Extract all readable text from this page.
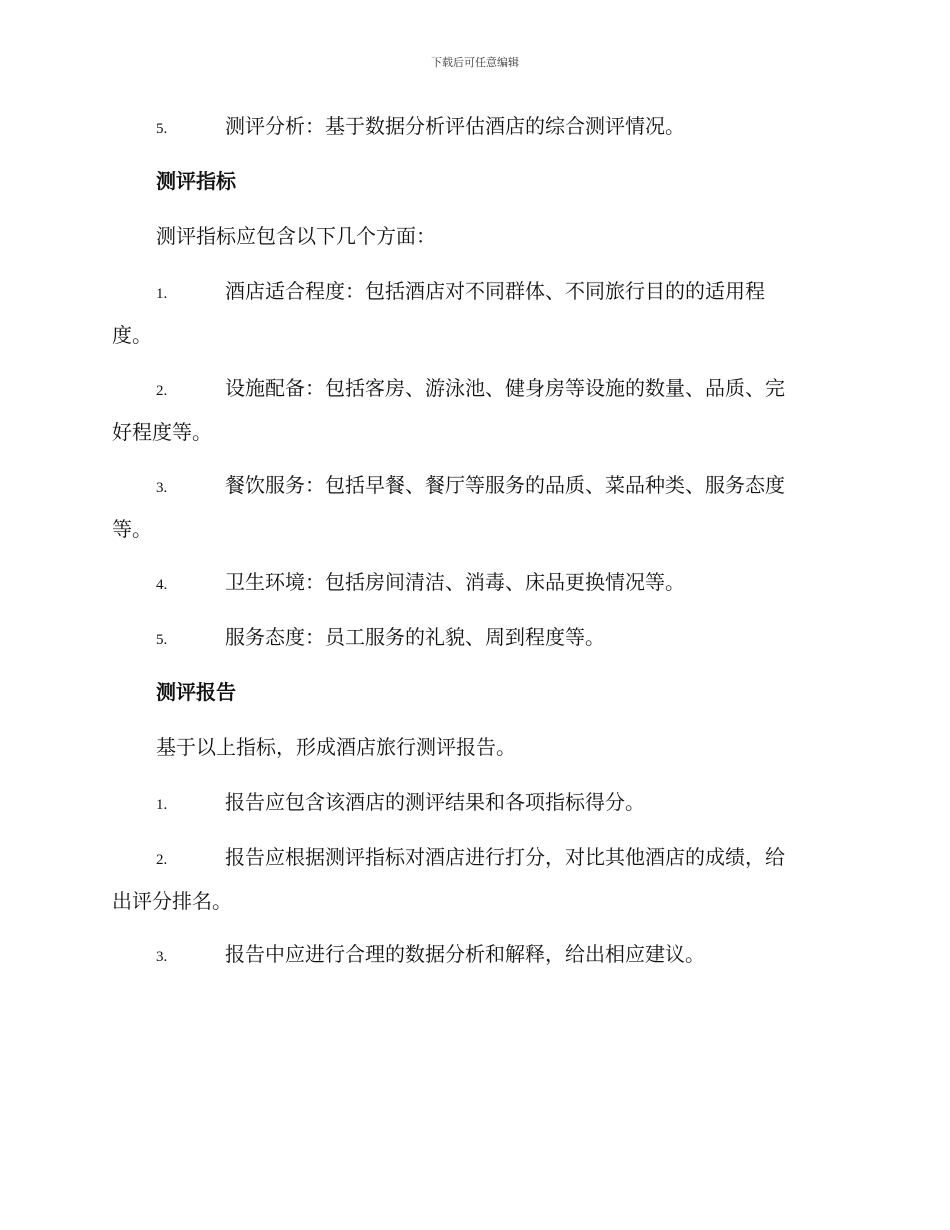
下载后可任意编辑
5.	测评分析：基于数据分析评估酒店的综合测评情况。
测评指标
测评指标应包含以下几个方面：
1.	酒店适合程度：包括酒店对不同群体、不同旅行目的的适用程
度。
2.	设施配备：包括客房、游泳池、健身房等设施的数量、品质、完
好程度等。
3.	餐饮服务：包括早餐、餐厅等服务的品质、菜品种类、服务态度
等。
4.	卫生环境：包括房间清洁、消毒、床品更换情况等。
5.	服务态度：员工服务的礼貌、周到程度等。
测评报告
基于以上指标，形成酒店旅行测评报告。
1.	报告应包含该酒店的测评结果和各项指标得分。
2.	报告应根据测评指标对酒店进行打分，对比其他酒店的成绩，给
出评分排名。
3.	报告中应进行合理的数据分析和解释，给出相应建议。
